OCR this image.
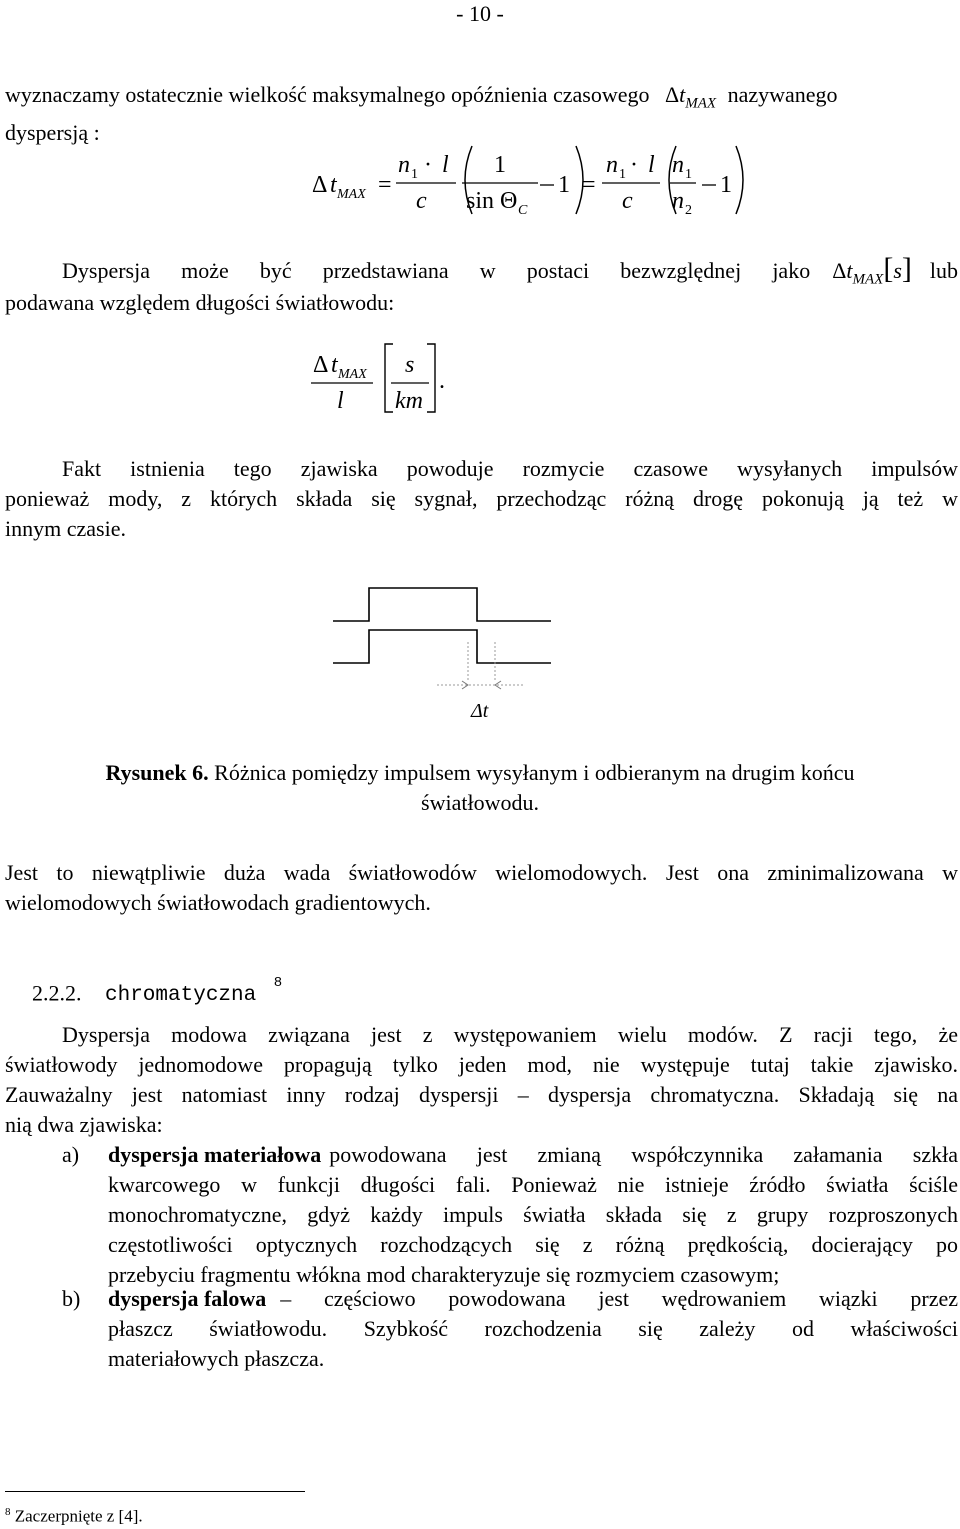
- 10 -
wyznaczamy ostatecznie wielkość maksymalnego opóźnienia czasowego $\Delta t_{MAX}$ nazywanego
dyspersją :
Δ t MAX =
n 1 · l
c
1
sin Θ C
1 =
n 1 · l
c
n 1
n 2
1
Dyspersja może być przedstawiana w postaci bezwzględnej jako $\Delta t_{MAX}[s]$ lub
podawana względem długości światłowodu:
Δ t MAX
l
s
km
.
Fakt istnienia tego zjawiska powoduje rozmycie czasowe wysyłanych impulsów
ponieważ mody, z których składa się sygnał, przechodząc różną drogę pokonują ją też w
innym czasie.
Δt
Rysunek 6. Różnica pomiędzy impulsem wysyłanym i odbieranym na drugim końcu
światłowodu.
Jest to niewątpliwie duża wada światłowodów wielomodowych. Jest ona zminimalizowana w
wielomodowych światłowodach gradientowych.
2.2.2. chromatyczna $^8$
Dyspersja modowa związana jest z występowaniem wielu modów. Z racji tego, że
światłowody jednomodowe propagują tylko jeden mod, nie występuje tutaj takie zjawisko.
Zauważalny jest natomiast inny rodzaj dyspersji – dyspersja chromatyczna. Składają się na
nią dwa zjawiska:
a) dyspersja materiałowa powodowana jest zmianą współczynnika załamania szkła
kwarcowego w funkcji długości fali. Ponieważ nie istnieje źródło światła ściśle
monochromatyczne, gdyż każdy impuls światła składa się z grupy rozproszonych
częstotliwości optycznych rozchodzących się z różną prędkością, docierający po
przebyciu fragmentu włókna mod charakteryzuje się rozmyciem czasowym;
b) dyspersja falowa – częściowo powodowana jest wędrowaniem wiązki przez
płaszcz światłowodu. Szybkość rozchodzenia się zależy od właściwości
materiałowych płaszcza.
$^8$ Zaczerpnięte z [4].
